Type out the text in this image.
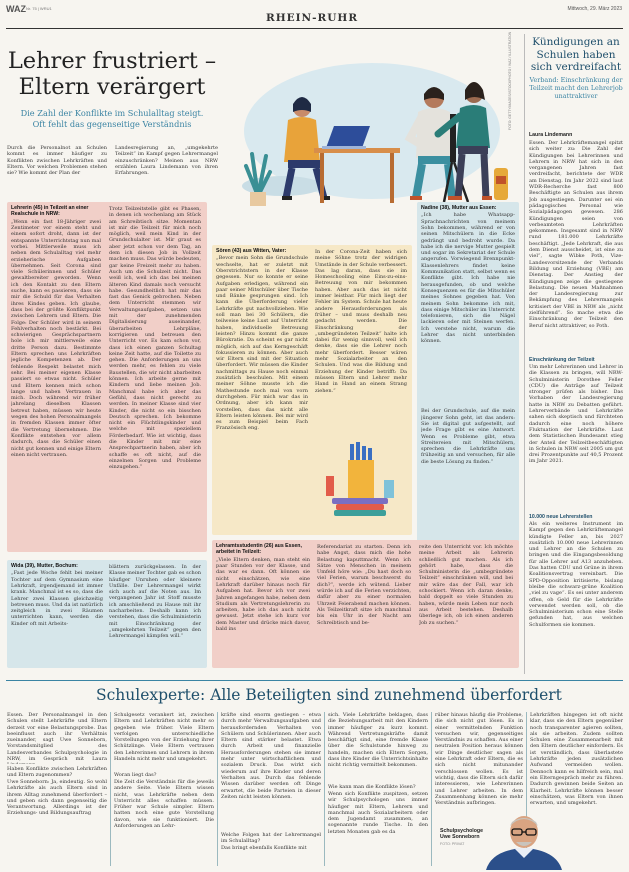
WAZ Nr. 75 | WRU1
RHEIN-RUHR
Mittwoch, 29. März 2023
Lehrer frustriert –
Eltern verärgert
Die Zahl der Konflikte im Schulalltag steigt.
Oft fehlt das gegenseitige Verständnis
Durch die Personalnot an Schulen kommt es immer häufiger zu Konflikten zwischen Lehrkräften und Eltern. Vor welchen Problemen stehen sie? Wie kommt der Plan der
Landesregierung an, „umgekehrte Teilzeit“ im Kampf gegen Lehrermangel einzuschränken? Meinen aus NRW erzählen Laura Lindemann von ihren Erfahrungen.
FOTO: GETTYIMAGES/ISTOCKPHOTO / WAZ / ILLUSTRATION
Lehrerin (45) in Teilzeit an einer Realschule in NRW:
„Wenn ein fast 18-Jähriger zwei Zentimeter vor einem steht und einem sofort droht, dann ist der entspannte Unterrichtstag nun mal vorbei. Mittlerweile muss ich neben dem Schulalltag viel mehr erzieherische Aufgaben übernehmen. Seit Corona sind viele Schülerinnen und Schüler gewaltbereiter geworden. Wenn ich den Kontakt zu den Eltern suche, kann es passieren, dass sie mir die Schuld für das Verhalten ihres Kindes geben. Ich glaube, dass bei der größte Konfliktpunkt zwischen Lehrern und Eltern. Die Folge: Der Schüler wird in seinem Fehlverhalten noch bestärkt. Bei schwierigen Gesprächspartnern hole ich mir mittlerweile eine dritte Person dazu. Bestimmte Eltern sprechen uns Lehrkräften jegliche Kompetenzen ab. Der fehlende Respekt belastet mich sehr. Bei meiner eigenen Klasse passiert so etwas nicht. Schüler und Eltern kennen mich schon lange und haben Vertrauen in mich. Doch während wir früher jahrelang dieselben Klassen betreut haben, müssen wir heute wegen des hohen Personalmangels in fremden Klassen immer öfter die Vertretung übernehmen. Die Konflikte entstehen vor allem dadurch, dass die Schüler einen nicht gut kennen und einige Eltern einen nicht vertrauen.
Trotz Teilzeitstelle gibt es Phasen, in denen ich wochenlang am Stück am Schreibtisch sitze. Momentan ist mir die Teilzeit für mich noch möglich, weil mein Kind in der Grundschulalter ist. Mir graut es aber jetzt schon vor dem Tag, an dem ich diesen Job in Vollzeit machen muss. Das würde bedeuten, gar keine Freizeit mehr zu haben. Auch um die Schulzeit nicht. Das weiß ich, weil ich das bei meinen älteren Kind damals noch versucht habe. Gesundheitlich hat mir das fast das Genick gebrochen. Neben dem Unterricht stemmen wir Verwaltungsaufgaben, setzen uns mit der zunehmenden Digitalisierung auseinander, überarbeiten Lehrpläne, korrigieren und betreuen den Unterricht vor. Es kam schon vor, dass ich einen ganzen Schultag keine Zeit hatte, auf die Toilette zu gehen. Die Anforderungen an uns werden mehr, es fehlen zu viele Baustellen, die wir nicht abarbeiten können. Ich arbeite gerne mit Kindern und liebe meinen Job. Manchmal habe ich aber das Gefühl, dass nicht gerecht zu werden. In meiner Klasse sind vier Kinder, die nicht so ein bisschen Deutsch sprechen. Ich bekomme nicht ein Flüchtlingskinder und welche mit speziellem Förderbedarf. Wie ist wichtig, dass die Kinder mit mir eine Ansprechpartnerin haben, aber ich schaffe es oft nicht, auf die einzelnen Sorgen und Probleme einzugehen.“
Sören (43) aus Witten, Vater:
„Bevor mein Sohn die Grundschule wechselte, hat er zuletzt mit Oberstrichtstern in der Klasse gegessen. Nur so konnte er seine Aufgaben erledigen, während ein paar seiner Mitschüler über Tische und Bänke gesprungen sind. Ich kann die Überforderung vieler Lehrkräfte gut nachvollziehen. Wie soll man bei 30 Schülern, die teilweise keine Lust auf Unterricht haben, individuelle Betreuung leisten? Hinzu kommt die ganze Bürokratie. Da scheint es gar nicht möglich, sich auf das Kerngeschäft fokussieren zu können. Aber auch wir Eltern sind mit der Situation überfordert. Wir müssen die Kinder nachmittags zu Hause noch einmal zusätzlich beschulen. Mit einem meiner Söhne musste ich die Mathestunde noch mal von vorn durchgehen. Für mich war das in Ordnung, aber ich kann mir vorstellen, dass das nicht alle Eltern leisten können. Bei mir wird es zum Beispiel beim Fach Französisch eng.
In der Corona-Zeit haben sich meine Söhne trotz der widrigen Umstände in der Schule verbessert. Das lag daran, dass sie im Homeschooling eine Eins-zu-eins-Betreuung von mir bekommen haben. Aber auch das ist nicht immer leistbar. Für mich liegt der Fehler im System. Schule hat heute andere Herausforderungen als früher – und muss deshalb neu gedacht werden. Die Einschränkung der „umbegründeten Teilzeit“ halte ich dabei für wenig sinnvoll, weil ich denke, dass sie die Lehrer noch mehr überfordert. Besser wären mehr Sozialarbeiter an den Schulen. Und was die Bildung und Erziehung der Kinder betrifft: Da müssen Eltern und Lehrer mehr Hand in Hand an einem Strang ziehen.“
Nadine (38), Mutter aus Essen:
„Ich habe Whatsapp-Sprachnachrichten von meinem Sohn bekommen, während er von seinen Mitschülern in die Ecke gedrängt und bedroht wurde. Da habe ich die nervige Mutter gespielt und sogar im Sekretariat der Schule angerufen. Vorwiegend Brennpunkt-Klassenlehrers findet keine Kommunikation statt, selbst wenn es Konflikte gibt. Ich habe nie herausgefunden, ob und welche Konsequenzen es für die Mitschüler meines Sohnes gegeben hat. Von meinem Sohn bekomme ich mit, dass einige Mitschüler im Unterricht telefonieren, sich die Nägel lackieren oder mit Steinen werfen. Ich verstehe nicht, warum die Lehrer das nicht unterbinden können.
Bei der Grundschule, auf die mein jüngerer Sohn geht, ist das anders: Sie ist digital gut aufgestellt, auf jede Frage gibt es eine Antwort. Wenn es Probleme gibt, etwa Streitereien mit Mitschülern, sprechen die Lehrkräfte uns frühzeitig an und versuchen, für alle die beste Lösung zu finden.“
Wida (39), Mutter, Bochum:
„Fast jede Woche fehlt bei meiner Tochter auf dem Gymnasium eine Lehrkraft, irgendjemand ist immer krank. Manchmal ist es so, dass die Lehrer zwei Klassen gleichzeitig betreuen muss. Und da ist natürlich zeitgleich in zwei Räumen unterrichten kann, werden die Kinder oft mit Arbeits-
blättern zurückgelassen. In der Klasse meiner Tochter gab es schon häufiger Unruhen oder kleinere Unfälle. Der Lehrermangel wirkt sich auch auf die Noten aus. Im vergangenen Jahr ist Stoff musste ich amschließend zu Hause mit ihr nacharbeiten. Deshalb kann ich verstehen, dass die Schulministerin mit Einschränkung der „umgekehrten Teilzeit“ gegen den Lehrermangel kämpfen will.“
Lehramtsstudentin (26) aus Essen, arbeitet in Teilzeit:
„Viele Eltern denken, man steht ein paar Stunden vor der Klasse, und das war es dann. Oft können sie nicht einschätzen, wie eine Lehrkraft darüber hinaus noch für Aufgaben hat. Bevor ich vor zwei Jahren angefangen habe, neben dem Studium als Vertretungslehrerin zu arbeiten, habe ich das auch nicht gewusst. Jetzt stehe ich kurz vor dem Master und drücke mich davor, bald ins
Referendariat zu starten. Denn ich habe Angst, dass mich die hohe Belastung kaputtmacht. Wenn ich Sätze von Menschen in meinem Umfeld höre wie: „Du hast doch so viel Ferien, warum beschwerst du dich?“, werde ich wütend. Lieber würde ich auf die Ferien verzichten, dafür aber zu einer normalen Uhrzeit Feierabend machen können. Als Teilzeitkraft sitze ich manchmal bis ein Uhr in der Nacht am Schreibtisch und be-
reite den Unterricht vor. Ich möchte meine Arbeit als Lehrerin schließlich gut machen. Als ich gehört habe, dass die Schulministerin die „umbegründete Teilzeit“ einschränken will, und bei mir wäre das der Fall, war ich schockiert. Wenn ich daran denke, bald doppelt so viele Stunden zu haben, würde mein Leben nur noch aus Arbeit bestehen. Deshalb überlege ich, ob ich einen anderen Job zu suchen.“
Kündigungen an
Schulen haben
sich verdreifacht
Verband: Einschränkung der Teilzeit macht den Lehrerjob unattraktiver
Laura Lindemann
Essen. Der Lehrkräftemangel spitzt sich weiter zu: Die Zahl der Kündigungen bei Lehrerinnen und Lehrern in NRW hat sich in den vergangenen Jahren fast verdreifacht, berichtete der WDR am Dienstag. Im Jahr 2022 sind laut WDR-Recherche fast 800 Beschäftigte an Schulen aus ihrem Job ausgestiegen. Darunter sei ein pädagogisches Personal wie Sozialpädagogen gewesen. 286 Kündigungen seien von verbeamteten Lehrkräften gekommen. Insgesamt sind in NRW rund 181.000 Lehrkräfte beschäftigt. „Jede Lehrkraft, die aus dem Dienst ausscheidet, ist eine zu viel“, sagte Wibke Poth, Vize-Landesvorsitzende der Verbands Bildung und Erziehung (VBE) am Dienstag. Der Anstieg der Kündigungen zeige die gestiegene Belastung. Die neuen Maßnahmen der Landesregierung zur Bekämpfung des Lehrermangels kritisiert der VBE in NRW als „nicht zielführend“. So mache etwa die Einschränkung der Teilzeit den Beruf nicht attraktiver, so Poth.
Einschränkung der Teilzeit
Um mehr Lehrerinnen und Lehrer in die Klassen zu bringen, will NRW-Schulministerin Dorothee Feller (CDU) die Anträge auf Teilzeit stronger prüfen als bisher. Das Vorhaben der Landesregierung hatte in NRW zu Debatten geführt. Lehrerverbände und Lehrkräfte sahen sich skeptisch und fürchteten dadurch eine noch höhere Fluktuation der Lehrkräfte. Laut dem Statistischen Bundesamt stieg der Anteil der Teilzeitbeschäftigten in Schulen in NRW seit 2005 um gut drei Prozentpunkte auf 40,5 Prozent im Jahr 2021.
10.000 neue Lehrerstellen
Als ein weiteres Instrument im Kampf gegen den Lehrkräftemangel kündigte Feller an, bis 2027 zusätzlich 10.000 neue Lehrerinnen und Lehrer an die Schulen zu bringen und die Eingangsbesoldung für alle Lehrer auf A13 anzuheben. Das hatten CDU und Grüne in ihrem Koalitionsvertrag vereinbart. Die SPD-Opposition kritisierte, bislang bleibe die schwarz-grüne Koalition „viel zu vage“. Es sei unter anderem offen, ob Geld für die Lehrkräfte verwendet werden soll, ob die Schulministerium schon eine Stelle gefunden hat, aus welchen Schulformen sie kommen.
Schulexperte: Alle Beteiligten sind zunehmend überfordert
Essen. Der Personalmangel in den Schulen stellt Lehrkräfte und Eltern derzeit vor eine Belastungsprobe. Das beeinflusst auch ihr Verhältnis zueinander, sagt Uwe Sonneborn, Vorstandsmitglied des Landesverbandes Schulpsychologie in NRW, im Gespräch mit Laura
Haben Konflikte zwischen Lehrkräften und Eltern zugenommen?
Uwe Sonneborn: Ja, eindeutig. So wohl Lehrkräfte als auch Eltern sind in ihrem Alltag zunehmend überfordert – und geben sich dann gegenseitig die Verantwortung. Allerdings ist der Erziehungs- und Bildungsauftrag
Schulgesetz verankert ist, zwischen Eltern und Lehrkräften nicht mehr so gegeben wie früher. Viele Eltern verfolgen unterschiedliche Vorstellungen von der Erziehung ihrer Schützlinge. Viele Eltern vertrauen den Lehrerinnen und Lehrern in ihrem Handeln nicht mehr und umgekehrt.
Woran liegt das?
Die Zeit die Verständnis für die jeweils andere Seite. Viele Eltern wissen nicht, was Lehrkräfte neben dem Unterricht alles schaffen müssen. Früher war Schule simpler. Eltern hatten noch eine gute Vorstellung davon, wie sie funktioniert. Die Anforderungen an Lehr-
kräfte sind enorm gestiegen – etwa durch mehr Verwaltungsaufgaben und herausfordernden Verhalten von Schülern und Schülerinnen. Aber auch Eltern sind stärker belastet. Etwa durch Arbeit und finanzielle Herausforderungen stehen sie immer mehr unter wirtschaftlichem und sozialem Druck. Das wirkt sich wiederum auf ihre Kinder und deren Verhalten aus. Durch das fehlende Wissen darüber werden oft Dinge erwartet, die beide Parteien in dieser Zeiten nicht leisten können.
Welche Folgen hat der Lehrermangel im Schulalltag?
Das bringt ebenfalls Konflikte mit
sich. Viele Lehrkräfte beklagen, dass die Beziehungsarbeit mit den Kindern immer häufiger zu kurz kommt. Während Vertretungskräfte damit beschäftigt sind, eine fremde Klasse über die Schulstunde hinweg zu handeln, machen sich Eltern Sorgen, dass ihre Kinder die Unterrichtsinhalte nicht richtig vermittelt bekommen.
Wie kann man die Konflikte lösen?
Wenn sich Konflikte zuspitzen, setzen wir Schulpsychologen uns immer häufiger mit Eltern, Lehrern und manchmal auch Sozialarbeitern oder dem Jugendamt zusammen, an sogenannte runde Tische. In den letzten Monaten gab es da
rüber hinaus häufig die Probleme, die sich nicht gut lösen. Es in einer vermittelnden Funktion versuchen wir, gegenseitiges Verständnis zu schaffen. Aus einer neutralen Position heraus können wir Dinge deutlicher sagen als eine Lehrkraft oder Eltern, die es sich nicht mitunander verschlossen wollen. Es ist wichtig, dass die Eltern sich dafür interessieren, wie Lehrerinnen und Lehrer arbeiten. In dem Zusammenhang können sie mehr Verständnis aufbringen.
Lehrkräften hingegen ist oft nicht klar, dass sie den Eltern gegenüber noch transparenter agieren sollten, als sie arbeiten. Zudem sollten Schulen eine Zusammenarbeit mit den Eltern deutlicher einfordern. Es ist verständlich, dass überlastete Lehrkräfte jeden zusätzlichen Aufwand vermeiden wollen. Dennoch kann es hilfreich sein, mal ein Elterngespräch mehr zu führen. Dadurch gewinnen beide Seiten an Klarheit. Lehrkräfte können besser einschätzen, was Eltern von ihnen erwarten, und umgekehrt.
Schulpsychologe
Uwe Sonneborn
FOTO: PRIVAT
